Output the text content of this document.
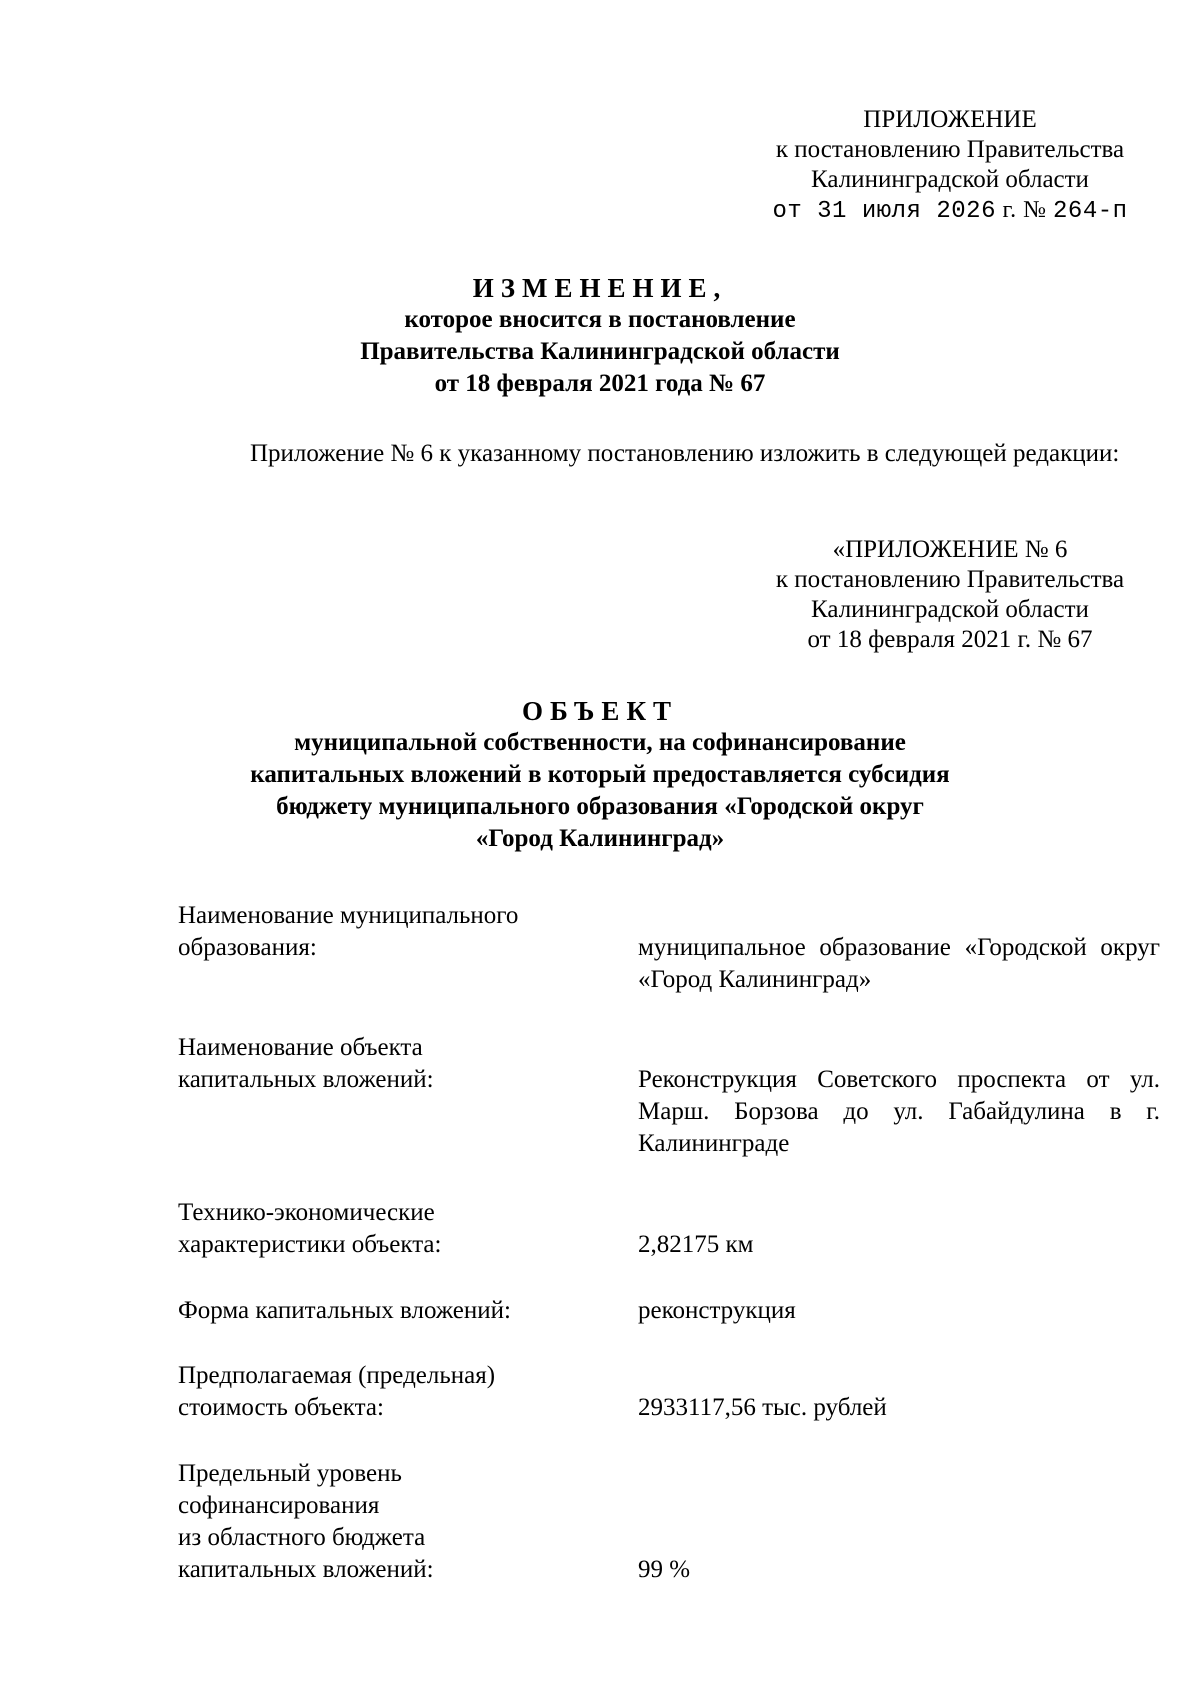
ПРИЛОЖЕНИЕ
к постановлению Правительства
Калининградской области
от 31 июля 2026 г. № 264-п
ИЗМЕНЕНИЕ,
которое вносится в постановление
Правительства Калининградской области
от 18 февраля 2021 года № 67
Приложение № 6 к указанному постановлению изложить в следующей редакции:
«ПРИЛОЖЕНИЕ № 6
к постановлению Правительства
Калининградской области
от 18 февраля 2021 г. № 67
ОБЪЕКТ
муниципальной собственности, на софинансирование
капитальных вложений в который предоставляется субсидия
бюджету муниципального образования «Городской округ
«Город Калининград»
Наименование муниципального
образования:	муниципальное образование «Городской округ «Город Калининград»
Наименование объекта
капитальных вложений:	Реконструкция Советского проспекта от ул. Марш. Борзова до ул. Габайдулина в г. Калининграде
Технико-экономические
характеристики объекта:	2,82175 км
Форма капитальных вложений:	реконструкция
Предполагаемая (предельная)
стоимость объекта:	2933117,56 тыс. рублей
Предельный уровень
софинансирования
из областного бюджета
капитальных вложений:	99 %
